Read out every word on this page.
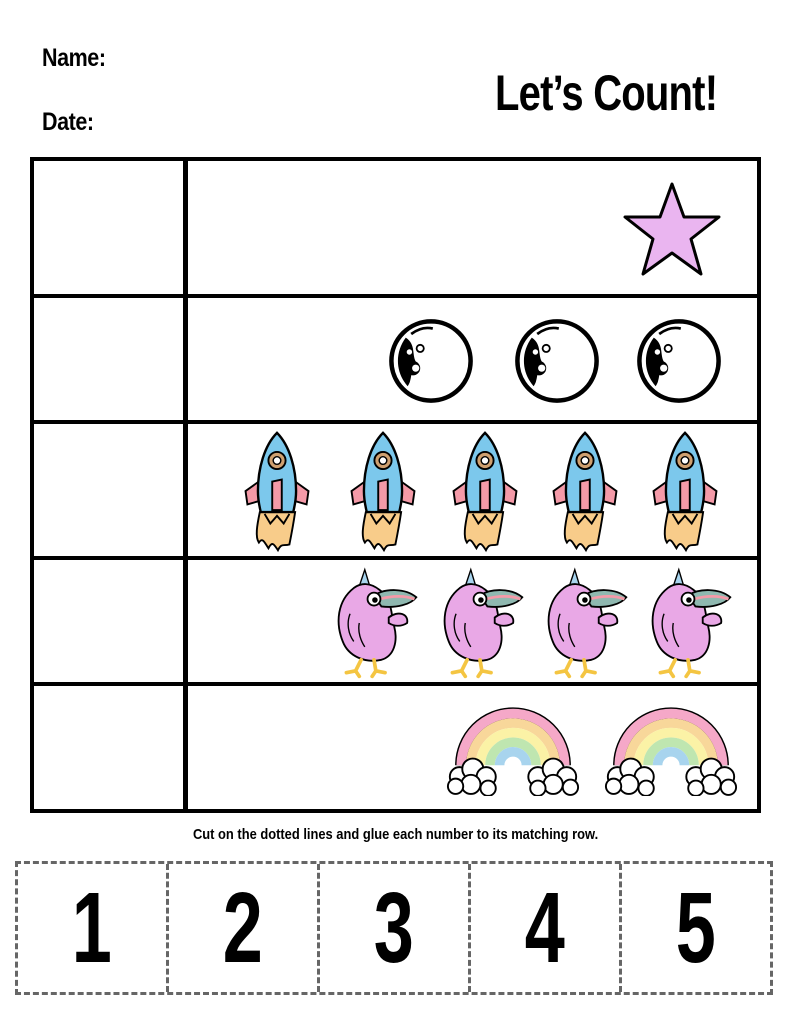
Name:
Date:
Let’s Count!
Cut on the dotted lines and glue each number to its matching row.
1	2	3	4	5
